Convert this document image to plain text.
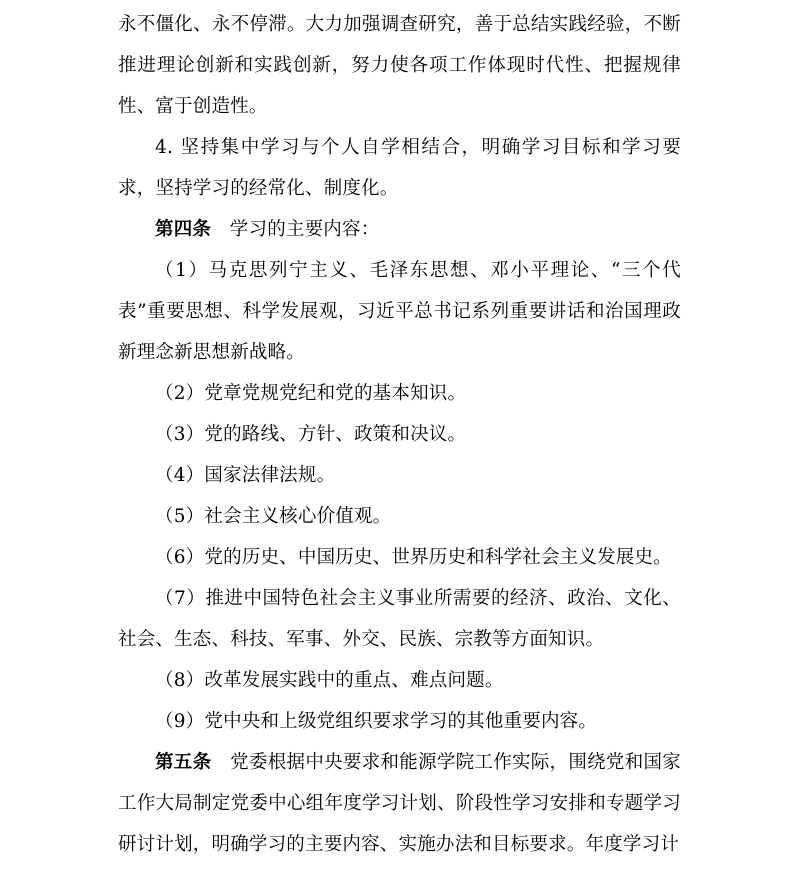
永不僵化、永不停滞。大力加强调查研究，善于总结实践经验，不断推进理论创新和实践创新，努力使各项工作体现时代性、把握规律性、富于创造性。

4. 坚持集中学习与个人自学相结合，明确学习目标和学习要求，坚持学习的经常化、制度化。

第四条　学习的主要内容：

（1）马克思列宁主义、毛泽东思想、邓小平理论、“三个代表”重要思想、科学发展观，习近平总书记系列重要讲话和治国理政新理念新思想新战略。

（2）党章党规党纪和党的基本知识。

（3）党的路线、方针、政策和决议。

（4）国家法律法规。

（5）社会主义核心价值观。

（6）党的历史、中国历史、世界历史和科学社会主义发展史。

（7）推进中国特色社会主义事业所需要的经济、政治、文化、社会、生态、科技、军事、外交、民族、宗教等方面知识。

（8）改革发展实践中的重点、难点问题。

（9）党中央和上级党组织要求学习的其他重要内容。

第五条　党委根据中央要求和能源学院工作实际，围绕党和国家工作大局制定党委中心组年度学习计划、阶段性学习安排和专题学习研讨计划，明确学习的主要内容、实施办法和目标要求。年度学习计
